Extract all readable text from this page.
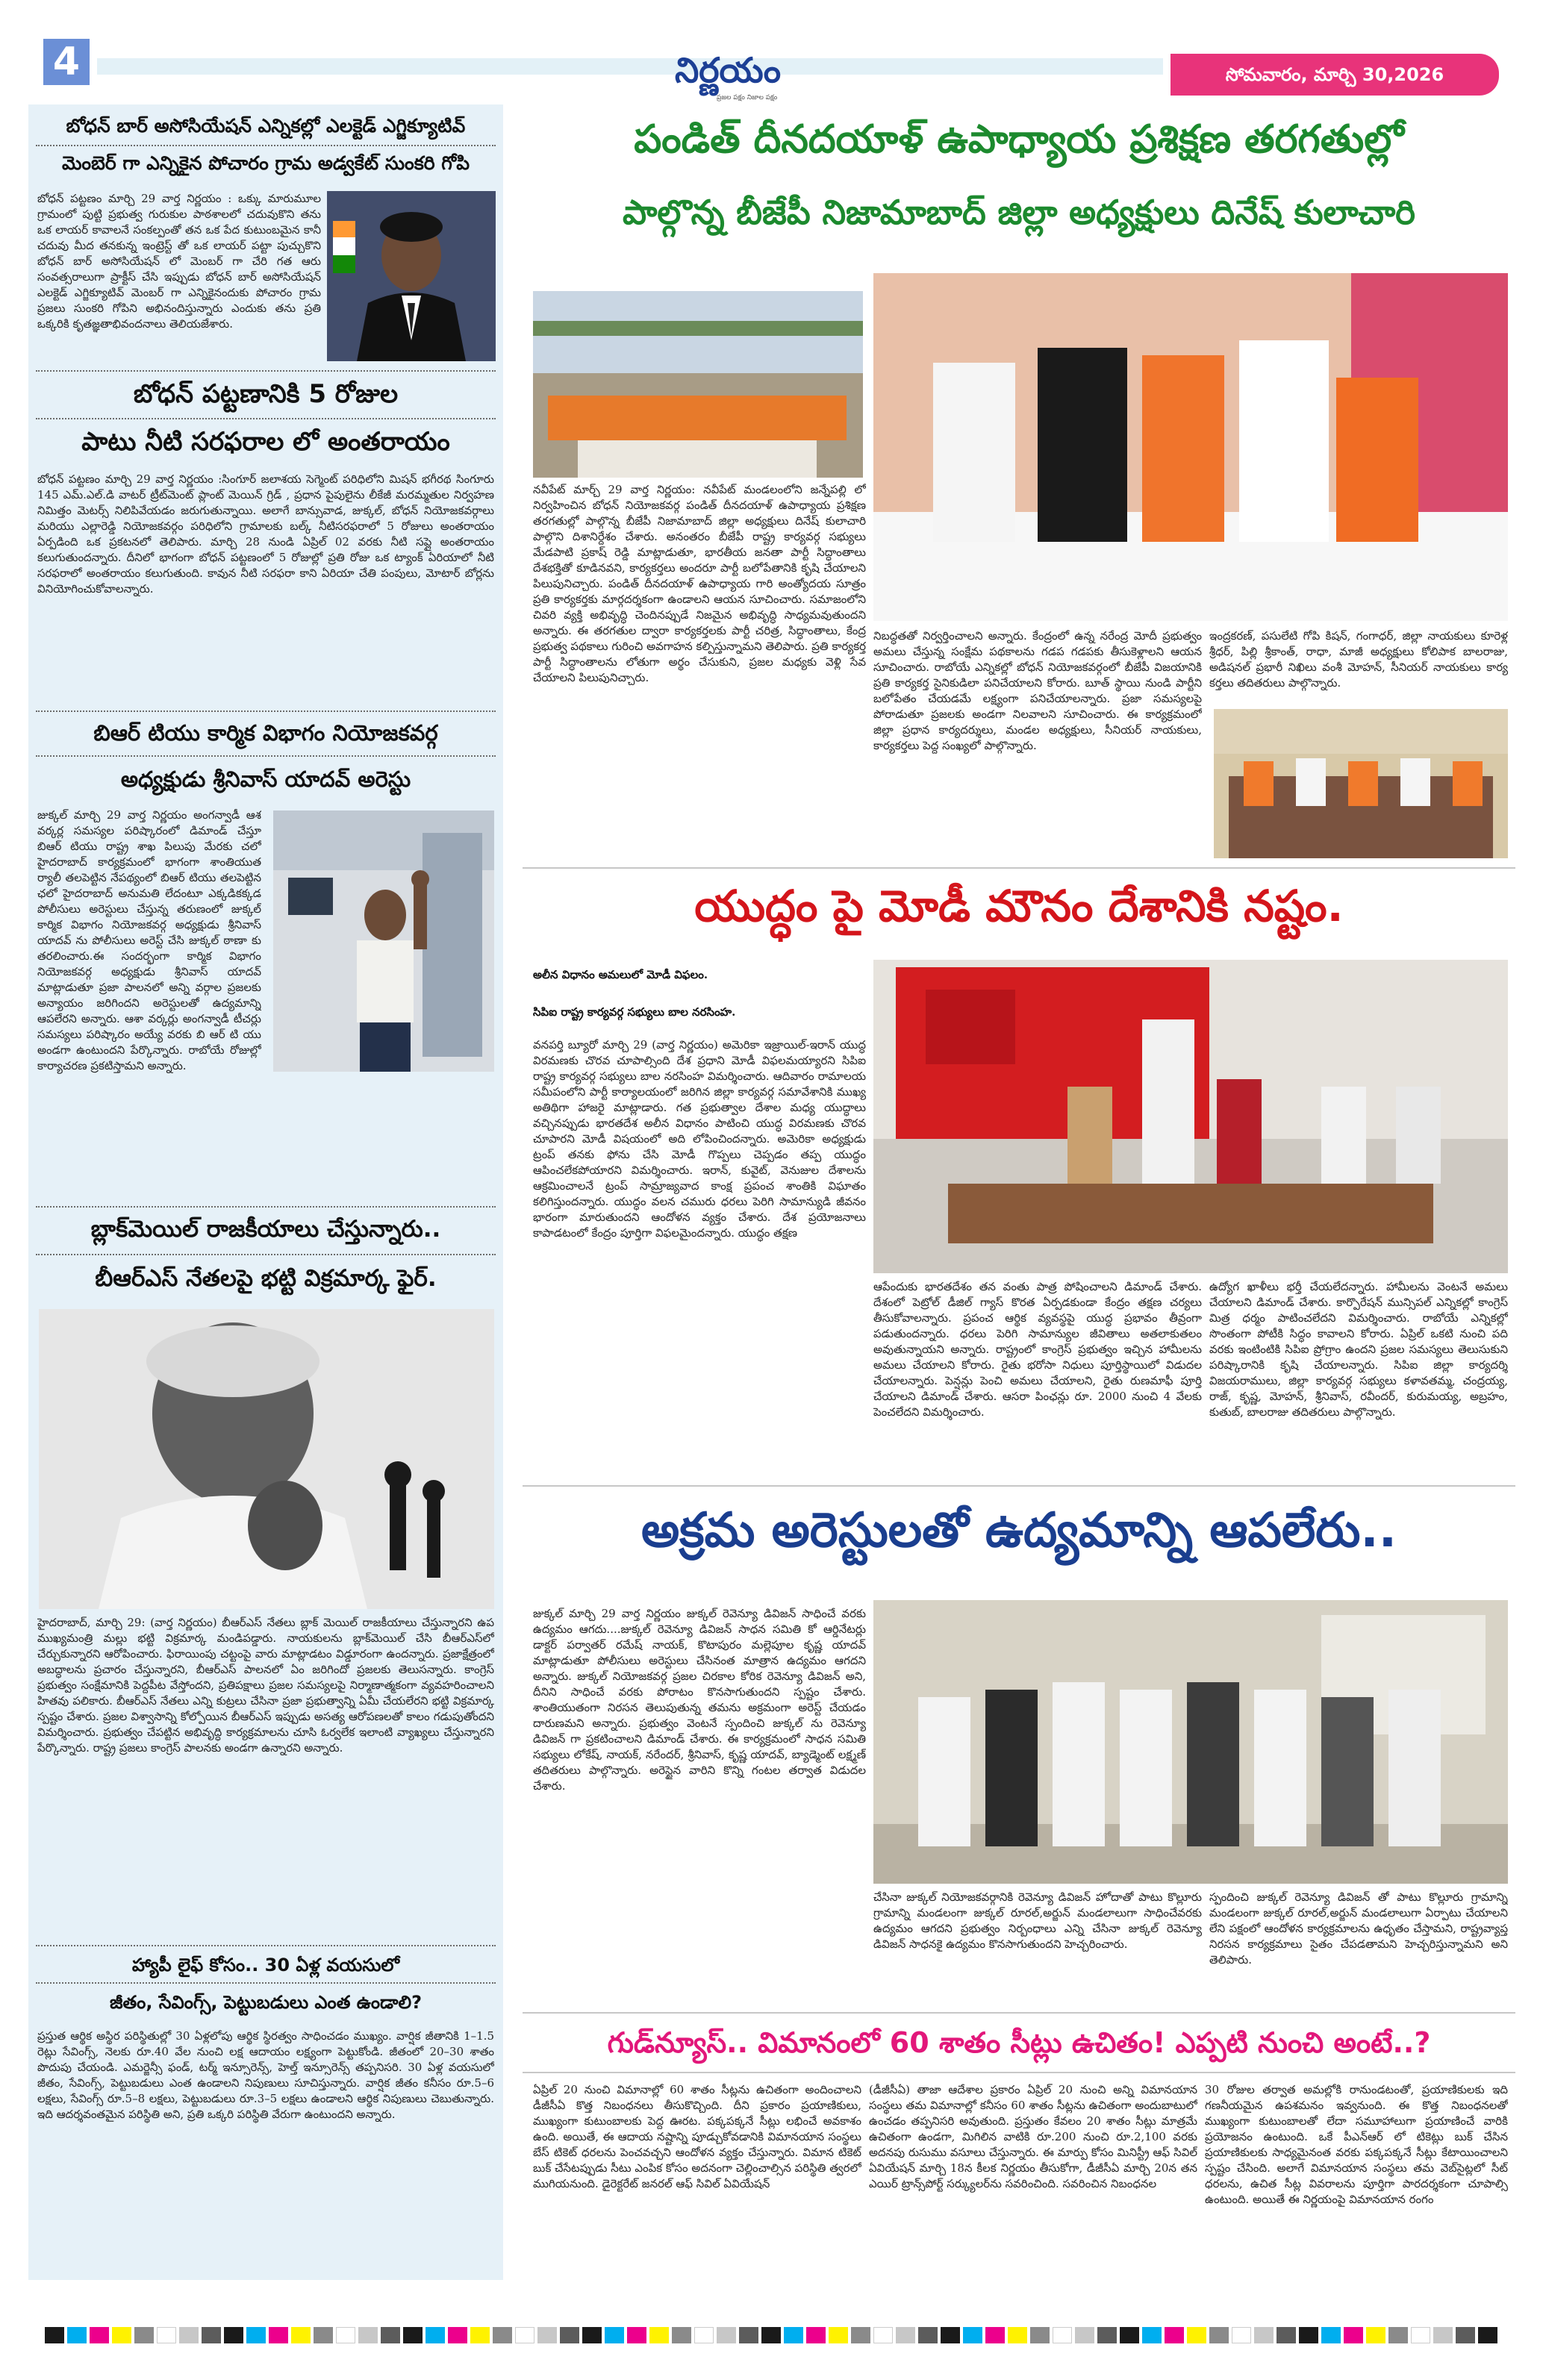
4	నిర్ణయం
ప్రజల పక్షం నిజాల పక్షం
సోమవారం, మార్చి 30,2026
బోధన్ బార్ అసోసియేషన్ ఎన్నికల్లో ఎలక్టెడ్ ఎగ్జిక్యూటివ్
మెంబెర్ గా ఎన్నికైన పోచారం గ్రామ అడ్వకేట్ సుంకరి గోపి
బోధన్ పట్టణం మార్చి 29 వార్త నిర్ణయం : ఒక్కు మారుమూల గ్రామంలో పుట్టి ప్రభుత్వ గురుకుల పాఠశాలలో చదువుకొని తను ఒక లాయర్ కావాలనే సంకల్పంతో తన ఒక పేద కుటుంబమైన కానీ చదువు మీద తనకున్న ఇంట్రెస్ట్ తో ఒక లాయర్ పట్టా పుచ్చుకొని బోధన్ బార్ అసోసియేషన్ లో మెంబర్ గా చేరి గత ఆరు సంవత్సరాలుగా ప్రాక్టీస్ చేసి ఇప్పుడు బోధన్ బార్ అసోసియేషన్ ఎలక్టెడ్ ఎగ్జిక్యూటివ్ మెంబర్ గా ఎన్నికైనందుకు పోచారం గ్రామ ప్రజలు సుంకరి గోపిని అభినందిస్తున్నారు ఎందుకు తను ప్రతి ఒక్కరికి కృతజ్ఞతాభివందనాలు తెలియజేశారు.
బోధన్ పట్టణానికి 5 రోజుల
పాటు నీటి సరఫరాల లో అంతరాయం
బోధన్ పట్టణం మార్చి 29 వార్త నిర్ణయం :సింగూర్ జలాశయ సెగ్మెంట్ పరిధిలోని మిషన్ భగీరథ సింగూరు 145 ఎమ్.ఎల్.డి వాటర్ ట్రీట్‌మెంట్ ప్లాంట్ మెయిన్ గ్రిడ్ , ప్రధాన పైపులైను లీకేజీ మరమ్మతుల నిర్వహణ నిమిత్తం మెటర్స్ నిలిపివేయడం జరుగుతున్నాయి. అలాగే బాన్సువాడ, జుక్కల్, బోధన్ నియోజకవర్గాలు మరియు ఎల్లారెడ్డి నియోజకవర్గం పరిధిలోని గ్రామాలకు బల్క్ నీటిసరఫరాలో 5 రోజులు అంతరాయం ఏర్పడింది ఒక ప్రకటనలో తెలిపారు. మార్చి 28 నుండి ఏప్రిల్ 02 వరకు నీటి సప్లై అంతరాయం కలుగుతుందన్నారు. దీనిలో భాగంగా బోధన్ పట్టణంలో 5 రోజుల్లో ప్రతి రోజు ఒక ట్యాంక్ ఏరియాలో నీటి సరఫరాలో అంతరాయం కలుగుతుంది. కావున నీటి సరఫరా కాని ఏరియా చేతి పంపులు, మోటార్ బోర్లను వినియోగించుకోవాలన్నారు.
బిఆర్ టియు కార్మిక విభాగం నియోజకవర్గ
అధ్యక్షుడు శ్రీనివాస్ యాదవ్ అరెస్టు
జుక్కల్ మార్చి 29 వార్త నిర్ణయం అంగన్వాడీ ఆశ వర్కర్ల సమస్యల పరిష్కారంలో డిమాండ్ చేస్తూ బిఆర్ టియు రాష్ట్ర శాఖ పిలుపు మేరకు చలో హైదరాబాద్ కార్యక్రమంలో భాగంగా శాంతియుత ర్యాలీ తలపెట్టిన నేపథ్యంలో బిఆర్ టియు తలపెట్టిన ఛలో హైదరాబాద్ అనుమతి లేదంటూ ఎక్కడికక్కడ పోలీసులు అరెస్టులు చేస్తున్న తరుణంలో జుక్కల్ కార్మిక విభాగం నియోజకవర్గ అధ్యక్షుడు శ్రీనివాస్ యాదవ్ ను పోలీసులు అరెస్ట్ చేసి జుక్కల్ ఠాణా కు తరలించారు.ఈ సందర్భంగా కార్మిక విభాగం నియోజకవర్గ అధ్యక్షుడు శ్రీనివాస్ యాదవ్ మాట్లాడుతూ ప్రజా పాలనలో అన్ని వర్గాల ప్రజలకు అన్యాయం జరిగిందని అరెస్టులతో ఉద్యమాన్ని ఆపలేరని అన్నారు. ఆశా వర్కర్లు అంగన్వాడీ టీచర్లు సమస్యలు పరిష్కారం అయ్యే వరకు బి ఆర్ టి యు అండగా ఉంటుందని పేర్కొన్నారు. రాబోయే రోజుల్లో కార్యాచరణ ప్రకటిస్తామని అన్నారు.
బ్లాక్‌మెయిల్ రాజకీయాలు చేస్తున్నారు..
బీఆర్ఎస్ నేతలపై భట్టి విక్రమార్క ఫైర్.
హైదరాబాద్, మార్చి 29: (వార్త నిర్ణయం) బీఆర్ఎస్ నేతలు బ్లాక్ మెయిల్ రాజకీయాలు చేస్తున్నారని ఉప ముఖ్యమంత్రి మల్లు భట్టి విక్రమార్క మండిపడ్డారు. నాయకులను బ్లాక్‌మెయిల్ చేసి బీఆర్ఎస్‌లో చేర్చుకున్నారని ఆరోపించారు. ఫిరాయింపు చట్టంపై వారు మాట్లాడటం విడ్డూరంగా ఉందన్నారు. ప్రజాక్షేత్రంలో అబద్ధాలను ప్రచారం చేస్తున్నారని, బీఆర్ఎస్ పాలనలో ఏం జరిగిందో ప్రజలకు తెలుసన్నారు. కాంగ్రెస్ ప్రభుత్వం సంక్షేమానికి పెద్దపీట వేస్తోందని, ప్రతిపక్షాలు ప్రజల సమస్యలపై నిర్మాణాత్మకంగా వ్యవహరించాలని హితవు పలికారు. బీఆర్ఎస్ నేతలు ఎన్ని కుట్రలు చేసినా ప్రజా ప్రభుత్వాన్ని ఏమీ చేయలేరని భట్టి విక్రమార్క స్పష్టం చేశారు. ప్రజల విశ్వాసాన్ని కోల్పోయిన బీఆర్ఎస్ ఇప్పుడు అసత్య ఆరోపణలతో కాలం గడుపుతోందని విమర్శించారు. ప్రభుత్వం చేపట్టిన అభివృద్ధి కార్యక్రమాలను చూసి ఓర్వలేక ఇలాంటి వ్యాఖ్యలు చేస్తున్నారని పేర్కొన్నారు. రాష్ట్ర ప్రజలు కాంగ్రెస్ పాలనకు అండగా ఉన్నారని అన్నారు.
హ్యాపీ లైఫ్ కోసం.. 30 ఏళ్ల వయసులో
జీతం, సేవింగ్స్, పెట్టుబడులు ఎంత ఉండాలి?
ప్రస్తుత ఆర్థిక అస్థిర పరిస్థితుల్లో 30 ఏళ్లలోపు ఆర్థిక స్థిరత్వం సాధించడం ముఖ్యం. వార్షిక జీతానికి 1–1.5 రెట్లు సేవింగ్స్, నెలకు రూ.40 వేల నుంచి లక్ష ఆదాయం లక్ష్యంగా పెట్టుకోండి. జీతంలో 20–30 శాతం పొదుపు చేయండి. ఎమర్జెన్సీ ఫండ్, టర్మ్ ఇన్సూరెన్స్, హెల్త్ ఇన్సూరెన్స్ తప్పనిసరి. 30 ఏళ్ల వయసులో జీతం, సేవింగ్స్, పెట్టుబడులు ఎంత ఉండాలని నిపుణులు సూచిస్తున్నారు. వార్షిక జీతం కనీసం రూ.5–6 లక్షలు, సేవింగ్స్ రూ.5–8 లక్షలు, పెట్టుబడులు రూ.3–5 లక్షలు ఉండాలని ఆర్థిక నిపుణులు చెబుతున్నారు. ఇది ఆదర్శవంతమైన పరిస్థితి అని, ప్రతి ఒక్కరి పరిస్థితి వేరుగా ఉంటుందని అన్నారు.
పండిత్ దీనదయాళ్ ఉపాధ్యాయ ప్రశిక్షణ తరగతుల్లో
పాల్గొన్న బీజేపీ నిజామాబాద్ జిల్లా అధ్యక్షులు దినేష్ కులాచారి
నవీపేట్ మార్చ్ 29 వార్త నిర్ణయం: నవీపేట్ మండలంలోని జన్నేపల్లి లో నిర్వహించిన బోధన్ నియోజకవర్గ పండిత్ దీనదయాళ్ ఉపాధ్యాయ ప్రశిక్షణ తరగతుల్లో పాల్గొన్న బీజేపీ నిజామాబాద్ జిల్లా అధ్యక్షులు దినేష్ కులాచారి పాల్గొని దిశానిర్దేశం చేశారు. అనంతరం బీజేపీ రాష్ట్ర కార్యవర్గ సభ్యులు మేడపాటి ప్రకాష్ రెడ్డి మాట్లాడుతూ, భారతీయ జనతా పార్టీ సిద్ధాంతాలు దేశభక్తితో కూడినవని, కార్యకర్తలు అందరూ పార్టీ బలోపేతానికి కృషి చేయాలని పిలుపునిచ్చారు. పండిత్ దీనదయాళ్ ఉపాధ్యాయ గారి అంత్యోదయ సూత్రం ప్రతి కార్యకర్తకు మార్గదర్శకంగా ఉండాలని ఆయన సూచించారు. సమాజంలోని చివరి వ్యక్తి అభివృద్ధి చెందినప్పుడే నిజమైన అభివృద్ధి సాధ్యమవుతుందని అన్నారు. ఈ తరగతుల ద్వారా కార్యకర్తలకు పార్టీ చరిత్ర, సిద్ధాంతాలు, కేంద్ర ప్రభుత్వ పథకాలు గురించి అవగాహన కల్పిస్తున్నామని తెలిపారు. ప్రతి కార్యకర్త పార్టీ సిద్ధాంతాలను లోతుగా అర్థం చేసుకుని, ప్రజల మధ్యకు వెళ్లి సేవ చేయాలని పిలుపునిచ్చారు.
నిబద్ధతతో నిర్వర్తించాలని అన్నారు. కేంద్రంలో ఉన్న నరేంద్ర మోదీ ప్రభుత్వం అమలు చేస్తున్న సంక్షేమ పథకాలను గడప గడపకు తీసుకెళ్లాలని ఆయన సూచించారు. రాబోయే ఎన్నికల్లో బోధన్ నియోజకవర్గంలో బీజేపీ విజయానికి ప్రతి కార్యకర్త సైనికుడిలా పనిచేయాలని కోరారు. బూత్ స్థాయి నుండి పార్టీని బలోపేతం చేయడమే లక్ష్యంగా పనిచేయాలన్నారు. ప్రజా సమస్యలపై పోరాడుతూ ప్రజలకు అండగా నిలవాలని సూచించారు. ఈ కార్యక్రమంలో జిల్లా ప్రధాన కార్యదర్శులు, మండల అధ్యక్షులు, సీనియర్ నాయకులు, కార్యకర్తలు పెద్ద సంఖ్యలో పాల్గొన్నారు.
ఇంద్రకరణ్, పసులేటి గోపి కిషన్, గంగాధర్, జిల్లా నాయకులు కూరెళ్ల శ్రీధర్, పిల్లి శ్రీకాంత్, రాధా, మాజీ అధ్యక్షులు కోలిపాక బాలరాజు, అడిషనల్ ప్రభారీ నిఖిలు వంశీ మోహన్, సీనియర్ నాయకులు కార్య కర్తలు తదితరులు పాల్గొన్నారు.
యుద్ధం పై మోడీ మౌనం దేశానికి నష్టం.
అలీన విధానం అమలులో మోడీ విఫలం.
సిపిఐ రాష్ట్ర కార్యవర్గ సభ్యులు బాల నరసింహ.
వనపర్తి బ్యూరో మార్చి 29 (వార్త నిర్ణయం) అమెరికా ఇజ్రాయిల్-ఇరాన్ యుద్ధ విరమణకు చొరవ చూపాల్సింది దేశ ప్రధాని మోడీ విఫలమయ్యారని సిపిఐ రాష్ట్ర కార్యవర్గ సభ్యులు బాల నరసింహ విమర్శించారు. ఆదివారం రామాలయ సమీపంలోని పార్టీ కార్యాలయంలో జరిగిన జిల్లా కార్యవర్గ సమావేశానికి ముఖ్య అతిథిగా హాజరై మాట్లాడారు. గత ప్రభుత్వాల దేశాల మధ్య యుద్ధాలు వచ్చినప్పుడు భారతదేశ అలీన విధానం పాటించి యుద్ధ విరమణకు చొరవ చూపారని మోడీ విషయంలో అది లోపించిందన్నారు. అమెరికా అధ్యక్షుడు ట్రంప్ తనకు ఫోను చేసి మోడీ గొప్పలు చెప్పడం తప్ప యుద్ధం ఆపించలేకపోయారని విమర్శించారు. ఇరాన్, కువైట్, వెనుజుల దేశాలను ఆక్రమించాలనే ట్రంప్ సామ్రాజ్యవాద కాంక్ష ప్రపంచ శాంతికి విఘాతం కలిగిస్తుందన్నారు. యుద్ధం వలన చమురు ధరలు పెరిగి సామాన్యుడి జీవనం భారంగా మారుతుందని ఆందోళన వ్యక్తం చేశారు. దేశ ప్రయోజనాలు కాపాడటంలో కేంద్రం పూర్తిగా విఫలమైందన్నారు. యుద్ధం తక్షణ
ఆపేందుకు భారతదేశం తన వంతు పాత్ర పోషించాలని డిమాండ్ చేశారు. దేశంలో పెట్రోల్ డీజిల్ గ్యాస్ కొరత ఏర్పడకుండా కేంద్రం తక్షణ చర్యలు తీసుకోవాలన్నారు. ప్రపంచ ఆర్థిక వ్యవస్థపై యుద్ధ ప్రభావం తీవ్రంగా పడుతుందన్నారు. ధరలు పెరిగి సామాన్యుల జీవితాలు అతలాకుతలం అవుతున్నాయని అన్నారు. రాష్ట్రంలో కాంగ్రెస్ ప్రభుత్వం ఇచ్చిన హామీలను అమలు చేయాలని కోరారు. రైతు భరోసా నిధులు పూర్తిస్థాయిలో విడుదల చేయాలన్నారు. పెన్షన్లు పెంచి అమలు చేయాలని, రైతు రుణమాఫీ పూర్తి చేయాలని డిమాండ్ చేశారు. ఆసరా పింఛన్లు రూ. 2000 నుంచి 4 వేలకు పెంచలేదని విమర్శించారు.
ఉద్యోగ ఖాళీలు భర్తీ చేయలేదన్నారు. హామీలను వెంటనే అమలు చేయాలని డిమాండ్ చేశారు. కార్పొరేషన్ మున్సిపల్ ఎన్నికల్లో కాంగ్రెస్ మిత్ర ధర్మం పాటించలేదని విమర్శించారు. రాబోయే ఎన్నికల్లో సొంతంగా పోటీకి సిద్ధం కావాలని కోరారు. ఏప్రిల్ ఒకటి నుంచి పది వరకు ఇంటింటికి సిపిఐ ప్రోగ్రాం ఉందని ప్రజల సమస్యలు తెలుసుకుని పరిష్కారానికి కృషి చేయాలన్నారు. సిపిఐ జిల్లా కార్యదర్శి విజయరాములు, జిల్లా కార్యవర్గ సభ్యులు కళావతమ్మ, చంద్రయ్య, రాజ్, కృష్ణ, మోహన్, శ్రీనివాస్, రవీందర్, కురుమయ్య, అబ్రహం, కుతుబ్, బాలరాజు తదితరులు పాల్గొన్నారు.
అక్రమ అరెస్టులతో ఉద్యమాన్ని ఆపలేరు..
జుక్కల్ మార్చి 29 వార్త నిర్ణయం జుక్కల్ రెవెన్యూ డివిజన్ సాధించే వరకు ఉద్యమం ఆగదు....జుక్కల్ రెవెన్యూ డివిజన్ సాధన సమితి కో ఆర్డినేటర్లు డాక్టర్ పర్వాతర్ రమేష్ నాయక్, కొటాపురం మల్లెపూల కృష్ణ యాదవ్ మాట్లాడుతూ పోలీసులు అరెస్టులు చేసినంత మాత్రాన ఉద్యమం ఆగదని అన్నారు. జుక్కల్ నియోజకవర్గ ప్రజల చిరకాల కోరిక రెవెన్యూ డివిజన్ అని, దీనిని సాధించే వరకు పోరాటం కొనసాగుతుందని స్పష్టం చేశారు. శాంతియుతంగా నిరసన తెలుపుతున్న తమను అక్రమంగా అరెస్ట్ చేయడం దారుణమని అన్నారు. ప్రభుత్వం వెంటనే స్పందించి జుక్కల్ ను రెవెన్యూ డివిజన్ గా ప్రకటించాలని డిమాండ్ చేశారు. ఈ కార్యక్రమంలో సాధన సమితి సభ్యులు లోకేష్, నాయక్, నరేందర్, శ్రీనివాస్, కృష్ణ యాదవ్, బ్యాడ్మెంట్ లక్ష్మణ్ తదితరులు పాల్గొన్నారు. అరెస్టైన వారిని కొన్ని గంటల తర్వాత విడుదల చేశారు.
చేసినా జుక్కల్ నియోజకవర్గానికి రెవెన్యూ డివిజన్ హోదాతో పాటు కొల్లూరు గ్రామాన్ని మండలంగా జుక్కల్ రూరల్,అర్జున్ మండలాలుగా సాధించేవరకు ఉద్యమం ఆగదని ప్రభుత్వం నిర్బంధాలు ఎన్ని చేసినా జుక్కల్ రెవెన్యూ డివిజన్ సాధనకై ఉద్యమం కొనసాగుతుందని హెచ్చరించారు.
స్పందించి జుక్కల్ రెవెన్యూ డివిజన్ తో పాటు కొల్లూరు గ్రామాన్ని మండలంగా జుక్కల్ రూరల్,అర్జున్ మండలాలుగా ఏర్పాటు చేయాలని లేని పక్షంలో ఆందోళన కార్యక్రమాలను ఉధృతం చేస్తామని, రాష్ట్రవ్యాప్త నిరసన కార్యక్రమాలు సైతం చేపడతామని హెచ్చరిస్తున్నామని అని తెలిపారు.
గుడ్‌న్యూస్.. విమానంలో 60 శాతం సీట్లు ఉచితం! ఎప్పటి నుంచి అంటే..?
ఏప్రిల్ 20 నుంచి విమానాల్లో 60 శాతం సీట్లను ఉచితంగా అందించాలని డీజీసీఏ కొత్త నిబంధనలు తీసుకొచ్చింది. దీని ప్రకారం ప్రయాణికులు, ముఖ్యంగా కుటుంబాలకు పెద్ద ఊరట. పక్కపక్కనే సీట్లు లభించే అవకాశం ఉంది. అయితే, ఈ ఆదాయ నష్టాన్ని పూడ్చుకోవడానికి విమానయాన సంస్థలు బేస్ టికెట్ ధరలను పెంచవచ్చని ఆందోళన వ్యక్తం చేస్తున్నారు. విమాన టికెట్ బుక్ చేసేటప్పుడు సీటు ఎంపిక కోసం అదనంగా చెల్లించాల్సిన పరిస్థితి త్వరలో ముగియనుంది. డైరెక్టరేట్ జనరల్ ఆఫ్ సివిల్ ఏవియేషన్
(డీజీసీఏ) తాజా ఆదేశాల ప్రకారం ఏప్రిల్ 20 నుంచి అన్ని విమానయాన సంస్థలు తమ విమానాల్లో కనీసం 60 శాతం సీట్లను ఉచితంగా అందుబాటులో ఉంచడం తప్పనిసరి అవుతుంది. ప్రస్తుతం కేవలం 20 శాతం సీట్లు మాత్రమే ఉచితంగా ఉండగా, మిగిలిన వాటికి రూ.200 నుంచి రూ.2,100 వరకు అదనపు రుసుము వసూలు చేస్తున్నారు. ఈ మార్పు కోసం మినిస్ట్రీ ఆఫ్ సివిల్ ఏవియేషన్ మార్చి 18న కీలక నిర్ణయం తీసుకోగా, డీజీసీఏ మార్చి 20న తన ఎయిర్ ట్రాన్స్‌పోర్ట్ సర్క్యులర్‌ను సవరించింది. సవరించిన నిబంధనల
30 రోజుల తర్వాత అమల్లోకి రానుండటంతో, ప్రయాణికులకు ఇది గణనీయమైన ఉపశమనం ఇవ్వనుంది. ఈ కొత్త నిబంధనలతో ముఖ్యంగా కుటుంబాలతో లేదా సమూహాలుగా ప్రయాణించే వారికి ప్రయోజనం ఉంటుంది. ఒకే పీఎన్ఆర్ లో టికెట్లు బుక్ చేసిన ప్రయాణికులకు సాధ్యమైనంత వరకు పక్కపక్కనే సీట్లు కేటాయించాలని స్పష్టం చేసింది. అలాగే విమానయాన సంస్థలు తమ వెబ్‌సైట్లలో సీట్ ధరలను, ఉచిత సీట్ల వివరాలను పూర్తిగా పారదర్శకంగా చూపాల్సి ఉంటుంది. అయితే ఈ నిర్ణయంపై విమానయాన రంగం
